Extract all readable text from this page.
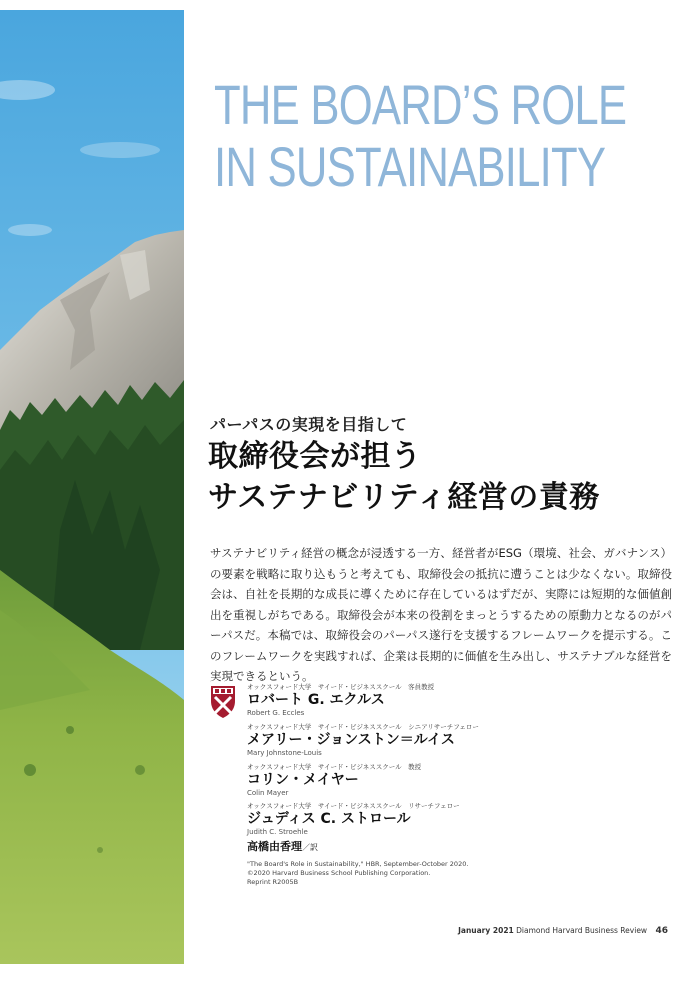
THE BOARD’S ROLE
IN SUSTAINABILITY
パーパスの実現を目指して
取締役会が担う
サステナビリティ経営の責務
サステナビリティ経営の概念が浸透する一方、経営者がESG（環境、社会、ガバナンス）の要素を戦略に取り込もうと考えても、取締役会の抵抗に遭うことは少なくない。取締役会は、自社を長期的な成長に導くために存在しているはずだが、実際には短期的な価値創出を重視しがちである。取締役会が本来の役割をまっとうするための原動力となるのがパーパスだ。本稿では、取締役会のパーパス遂行を支援するフレームワークを提示する。このフレームワークを実践すれば、企業は長期的に価値を生み出し、サステナブルな経営を実現できるという。
オックスフォード大学　サイード・ビジネススクール　客員教授
ロバート G. エクルス
Robert G. Eccles
オックスフォード大学　サイード・ビジネススクール　シニアリサーチフェロー
メアリー・ジョンストン＝ルイス
Mary Johnstone-Louis
オックスフォード大学　サイード・ビジネススクール　教授
コリン・メイヤー
Colin Mayer
オックスフォード大学　サイード・ビジネススクール　リサーチフェロー
ジュディス C. ストロール
Judith C. Stroehle
高橋由香理／訳
"The Board's Role in Sustainability," HBR, September-October 2020.
©2020 Harvard Business School Publishing Corporation.
Reprint R2005B
January 2021 Diamond Harvard Business Review 46
